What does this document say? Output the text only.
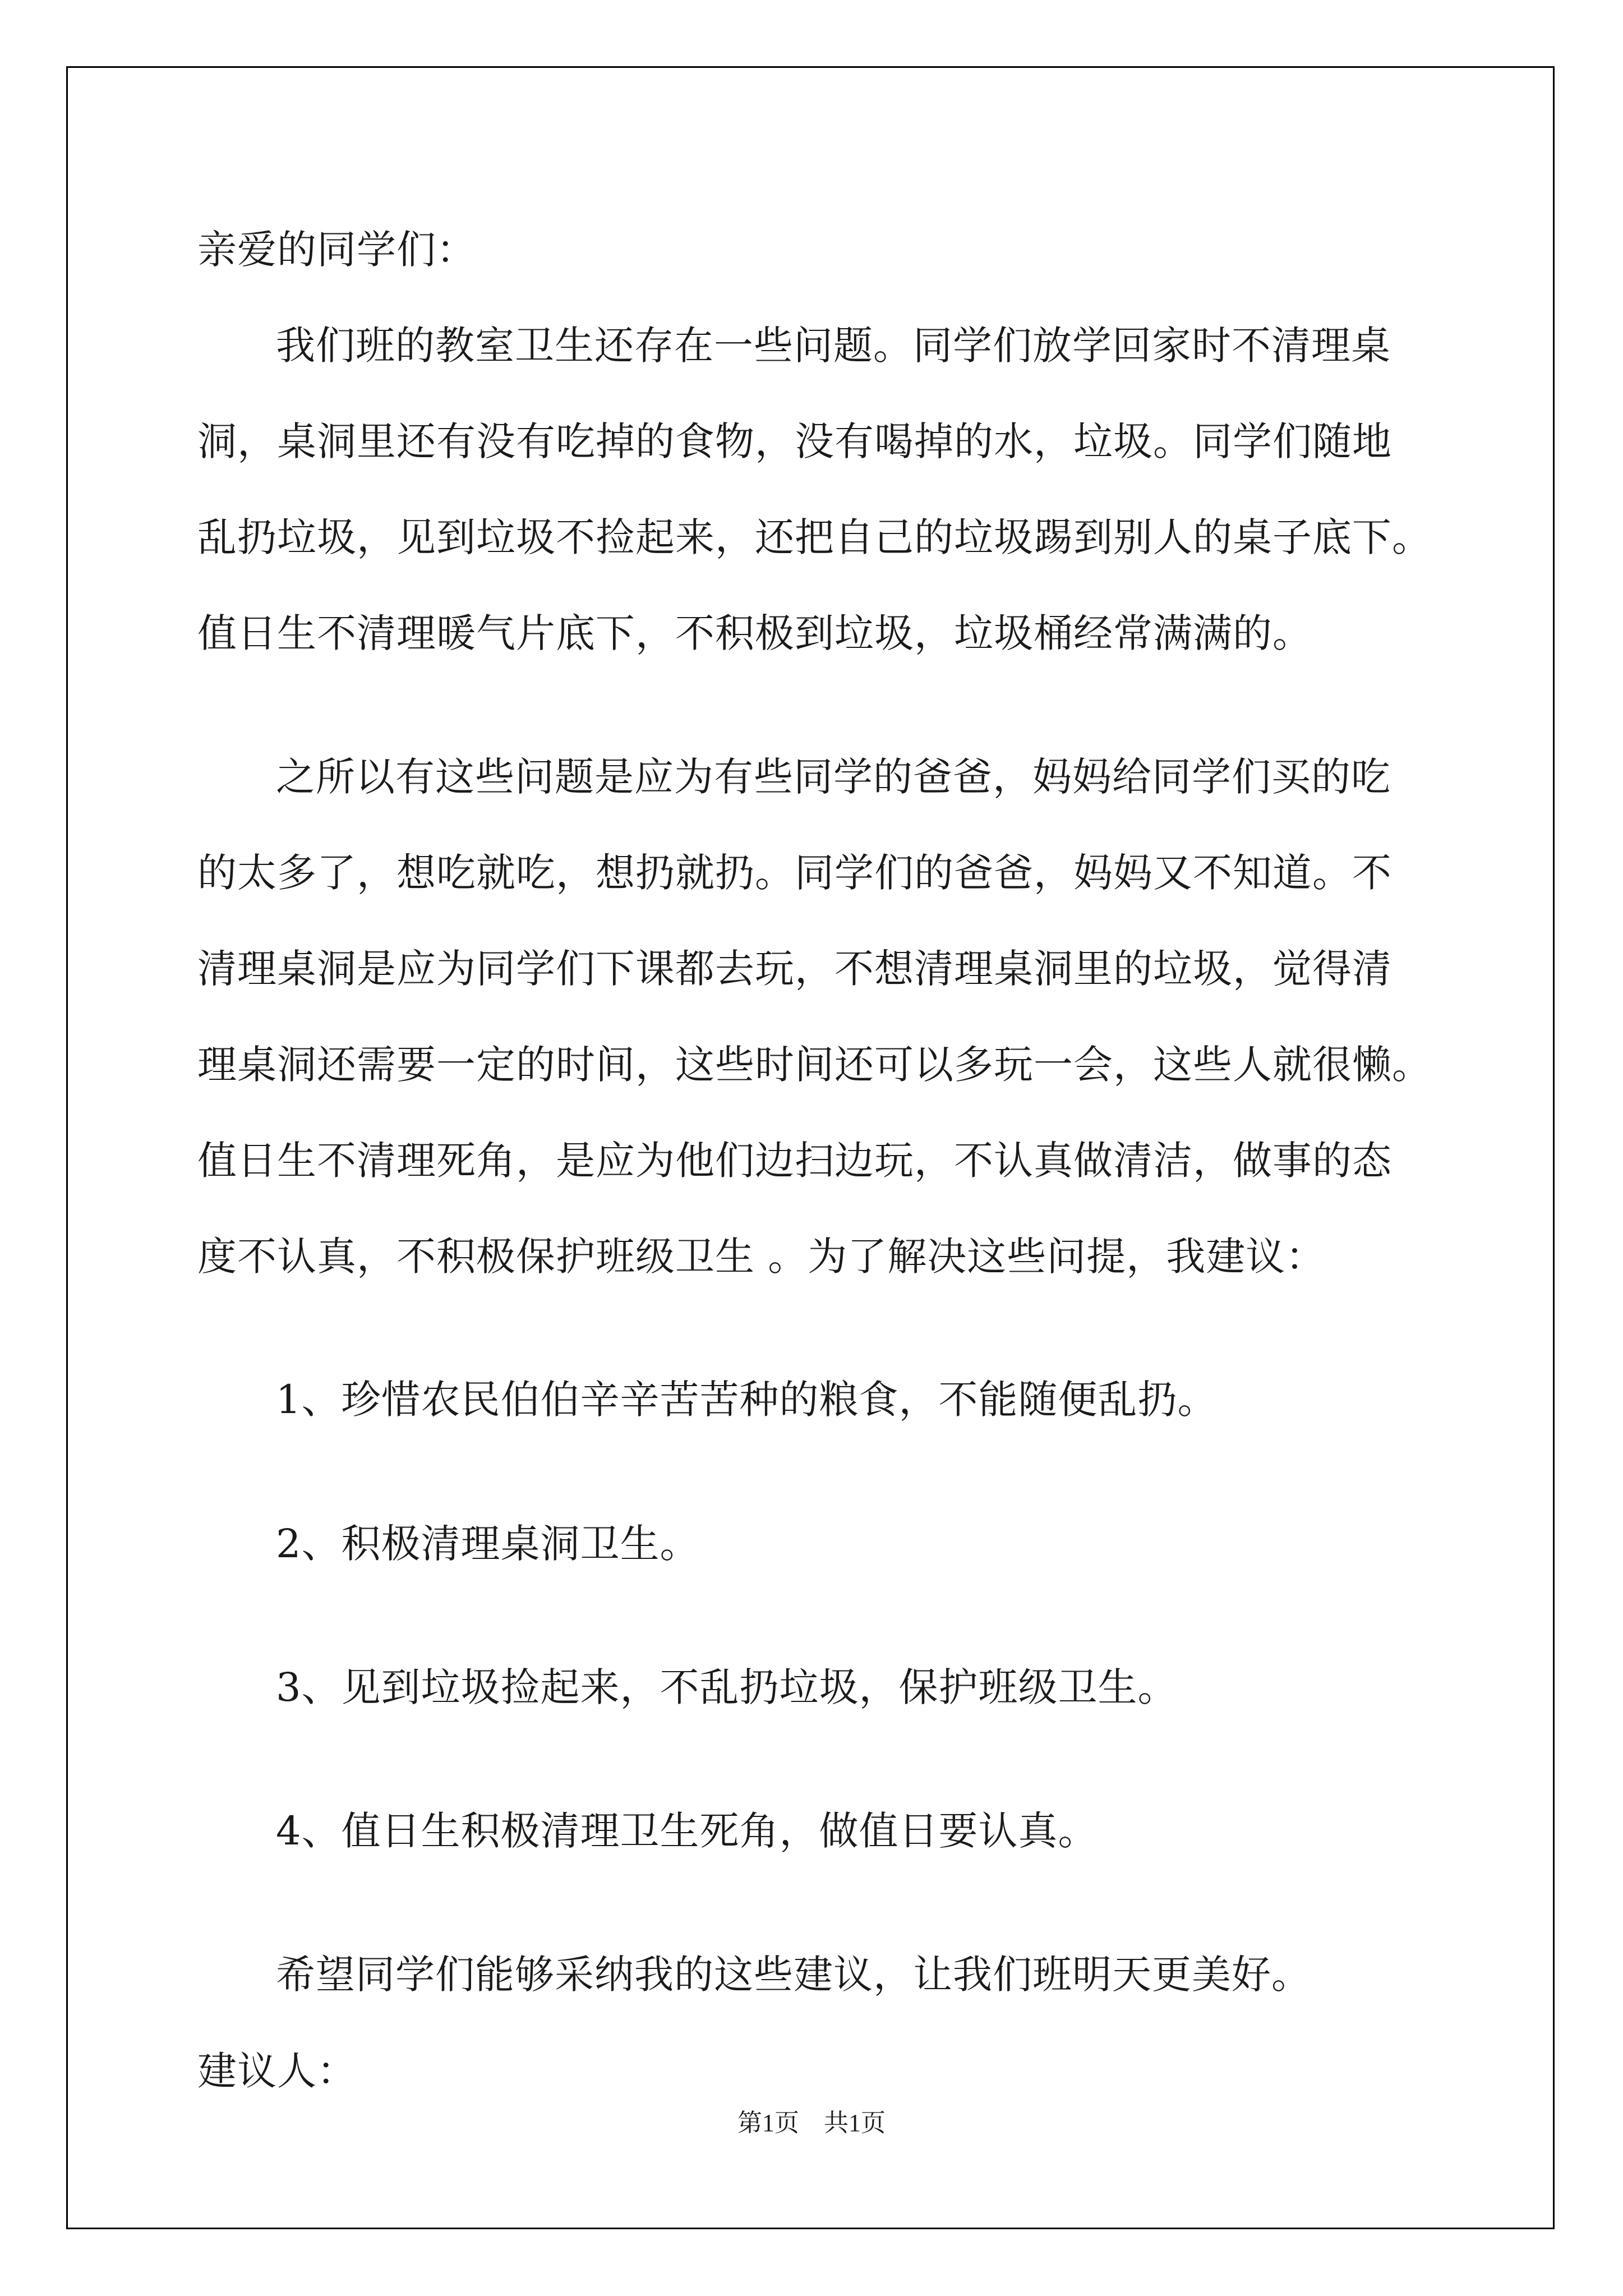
亲爱的同学们：
我们班的教室卫生还存在一些问题。同学们放学回家时不清理桌
洞，桌洞里还有没有吃掉的食物，没有喝掉的水，垃圾。同学们随地
乱扔垃圾，见到垃圾不捡起来，还把自己的垃圾踢到别人的桌子底下。
值日生不清理暖气片底下，不积极到垃圾，垃圾桶经常满满的。
之所以有这些问题是应为有些同学的爸爸，妈妈给同学们买的吃
的太多了，想吃就吃，想扔就扔。同学们的爸爸，妈妈又不知道。不
清理桌洞是应为同学们下课都去玩，不想清理桌洞里的垃圾，觉得清
理桌洞还需要一定的时间，这些时间还可以多玩一会，这些人就很懒。
值日生不清理死角，是应为他们边扫边玩，不认真做清洁，做事的态
度不认真，不积极保护班级卫生 。为了解决这些问提，我建议：
1、珍惜农民伯伯辛辛苦苦种的粮食，不能随便乱扔。
2、积极清理桌洞卫生。
3、见到垃圾捡起来，不乱扔垃圾，保护班级卫生。
4、值日生积极清理卫生死角，做值日要认真。
希望同学们能够采纳我的这些建议，让我们班明天更美好。
建议人：
第1页　共1页
